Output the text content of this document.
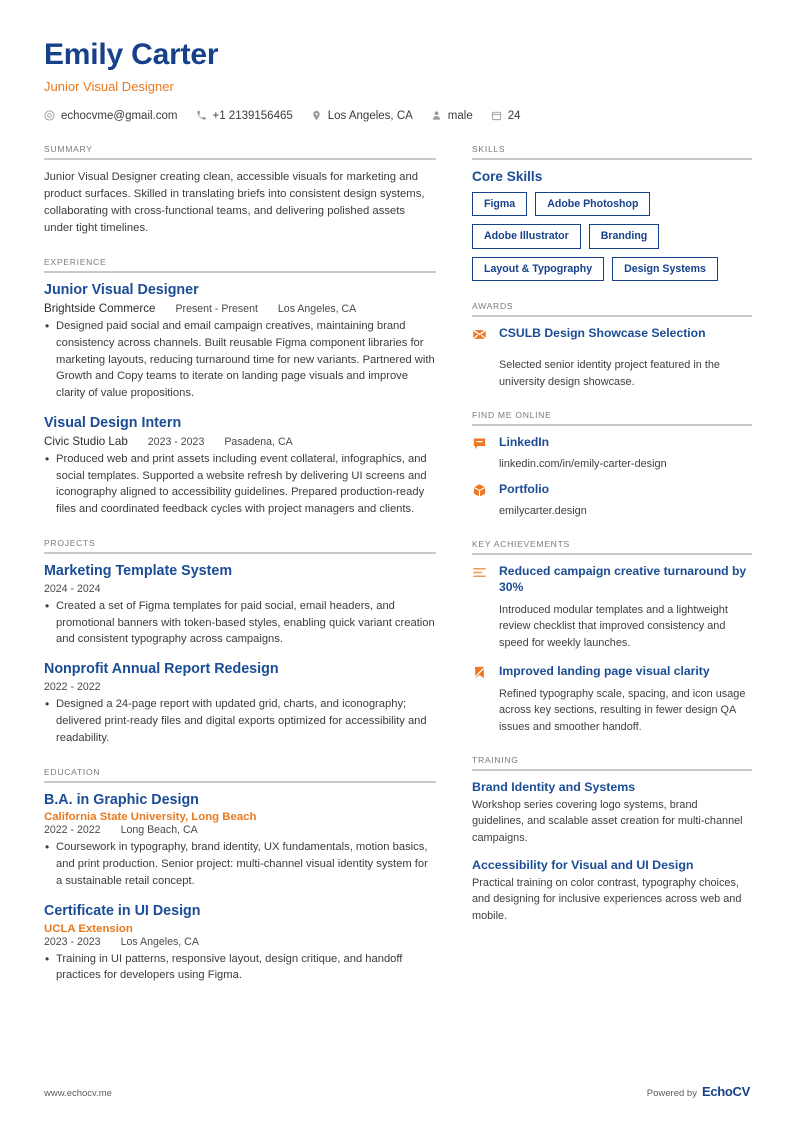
Emily Carter
Junior Visual Designer
echocvme@gmail.com	+1 2139156465	Los Angeles, CA	male	24
SUMMARY
Junior Visual Designer creating clean, accessible visuals for marketing and product surfaces. Skilled in translating briefs into consistent design systems, collaborating with cross-functional teams, and delivering polished assets under tight timelines.
EXPERIENCE
Junior Visual Designer
Brightside Commerce Present - Present Los Angeles, CA
• Designed paid social and email campaign creatives, maintaining brand consistency across channels. Built reusable Figma component libraries for marketing layouts, reducing turnaround time for new variants. Partnered with Growth and Copy teams to iterate on landing page visuals and improve clarity of value propositions.
Visual Design Intern
Civic Studio Lab 2023 - 2023 Pasadena, CA
• Produced web and print assets including event collateral, infographics, and social templates. Supported a website refresh by delivering UI screens and iconography aligned to accessibility guidelines. Prepared production-ready files and coordinated feedback cycles with project managers and clients.
PROJECTS
Marketing Template System
2024 - 2024
• Created a set of Figma templates for paid social, email headers, and promotional banners with token-based styles, enabling quick variant creation and consistent typography across campaigns.
Nonprofit Annual Report Redesign
2022 - 2022
• Designed a 24-page report with updated grid, charts, and iconography; delivered print-ready files and digital exports optimized for accessibility and readability.
EDUCATION
B.A. in Graphic Design
California State University, Long Beach
2022 - 2022 Long Beach, CA
• Coursework in typography, brand identity, UX fundamentals, motion basics, and print production. Senior project: multi-channel visual identity system for a sustainable retail concept.
Certificate in UI Design
UCLA Extension
2023 - 2023 Los Angeles, CA
• Training in UI patterns, responsive layout, design critique, and handoff practices for developers using Figma.
SKILLS
Core Skills
Figma	Adobe Photoshop
Adobe Illustrator	Branding
Layout & Typography	Design Systems
AWARDS
CSULB Design Showcase Selection
Selected senior identity project featured in the university design showcase.
FIND ME ONLINE
LinkedIn
linkedin.com/in/emily-carter-design
Portfolio
emilycarter.design
KEY ACHIEVEMENTS
Reduced campaign creative turnaround by 30%
Introduced modular templates and a lightweight review checklist that improved consistency and speed for weekly launches.
Improved landing page visual clarity
Refined typography scale, spacing, and icon usage across key sections, resulting in fewer design QA issues and smoother handoff.
TRAINING
Brand Identity and Systems
Workshop series covering logo systems, brand guidelines, and scalable asset creation for multi-channel campaigns.
Accessibility for Visual and UI Design
Practical training on color contrast, typography choices, and designing for inclusive experiences across web and mobile.
www.echocv.me	Powered by EchoCV
